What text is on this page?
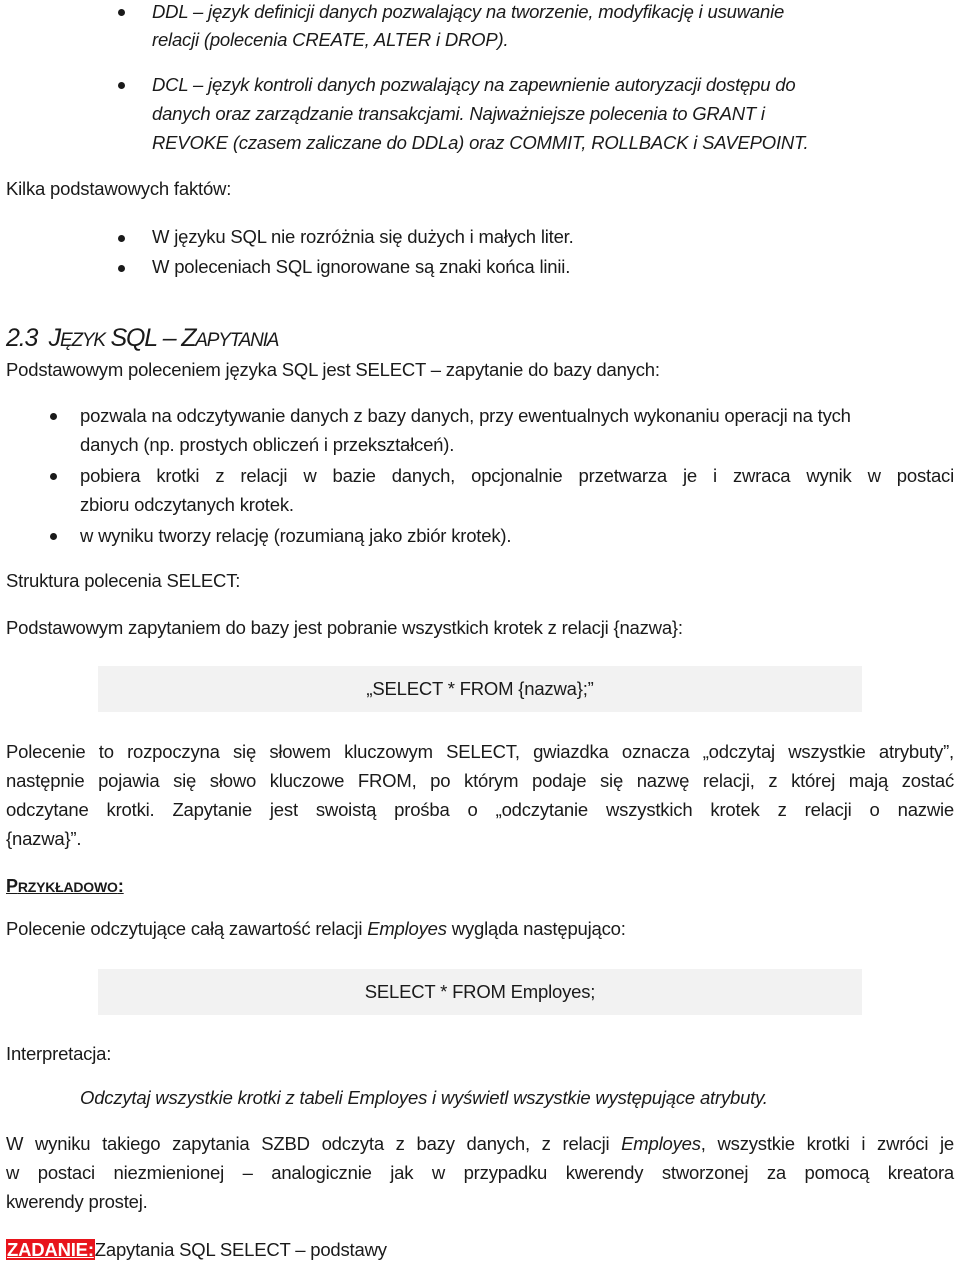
DDL – język definicji danych pozwalający na tworzenie, modyfikację i usuwanie
relacji (polecenia CREATE, ALTER i DROP).
DCL – język kontroli danych pozwalający na zapewnienie autoryzacji dostępu do
danych oraz zarządzanie transakcjami. Najważniejsze polecenia to GRANT i
REVOKE (czasem zaliczane do DDLa) oraz COMMIT, ROLLBACK i SAVEPOINT.
Kilka podstawowych faktów:
W języku SQL nie rozróżnia się dużych i małych liter.
W poleceniach SQL ignorowane są znaki końca linii.
2.3 JĘZYK SQL – ZAPYTANIA
Podstawowym poleceniem języka SQL jest SELECT – zapytanie do bazy danych:
pozwala na odczytywanie danych z bazy danych, przy ewentualnych wykonaniu operacji na tych
danych (np. prostych obliczeń i przekształceń).
pobiera krotki z relacji w bazie danych, opcjonalnie przetwarza je i zwraca wynik w postaci
zbioru odczytanych krotek.
w wyniku tworzy relację (rozumianą jako zbiór krotek).
Struktura polecenia SELECT:
Podstawowym zapytaniem do bazy jest pobranie wszystkich krotek z relacji {nazwa}:
„SELECT * FROM {nazwa};”
Polecenie to rozpoczyna się słowem kluczowym SELECT, gwiazdka oznacza „odczytaj wszystkie atrybuty”,
następnie pojawia się słowo kluczowe FROM, po którym podaje się nazwę relacji, z której mają zostać
odczytane krotki. Zapytanie jest swoistą prośba o „odczytanie wszystkich krotek z relacji o nazwie
{nazwa}”.
PRZYKŁADOWO:
Polecenie odczytujące całą zawartość relacji Employes wygląda następująco:
SELECT * FROM Employes;
Interpretacja:
Odczytaj wszystkie krotki z tabeli Employes i wyświetl wszystkie występujące atrybuty.
W wyniku takiego zapytania SZBD odczyta z bazy danych, z relacji Employes, wszystkie krotki i zwróci je
w postaci niezmienionej – analogicznie jak w przypadku kwerendy stworzonej za pomocą kreatora
kwerendy prostej.
ZADANIE:Zapytania SQL SELECT – podstawy
